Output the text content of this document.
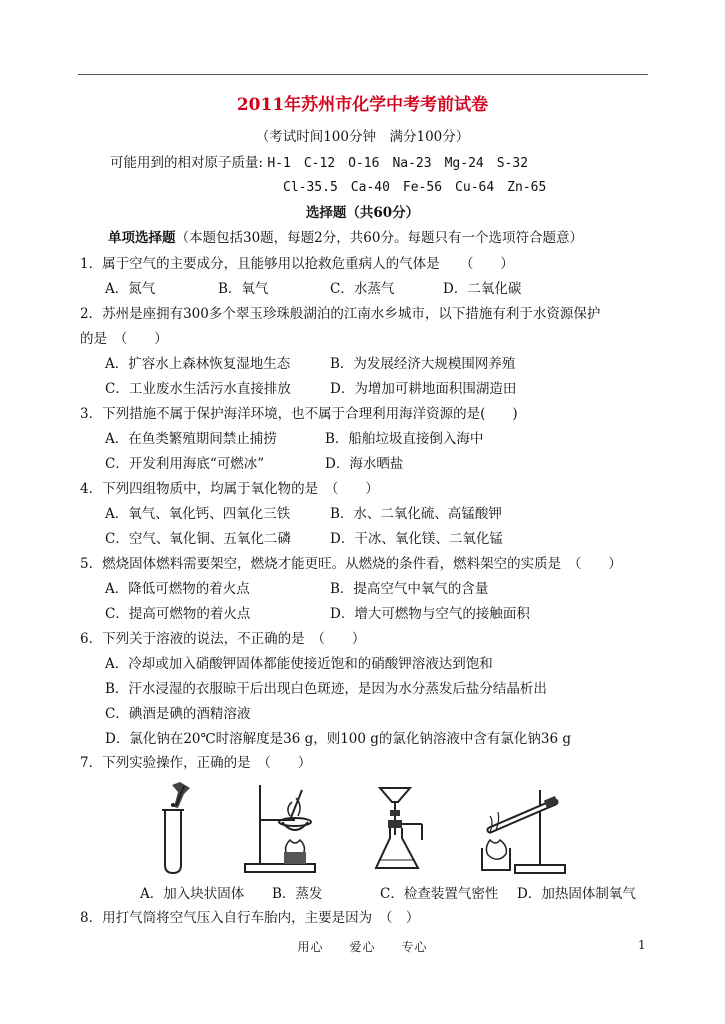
2011年苏州市化学中考考前试卷
（考试时间100分钟　满分100分）
可能用到的相对原子质量: H-1　C-12　O-16　Na-23　Mg-24　S-32
Cl-35.5　Ca-40　Fe-56　Cu-64　Zn-65
选择题（共60分）
单项选择题（本题包括30题，每题2分，共60分。每题只有一个选项符合题意）
1．属于空气的主要成分，且能够用以抢救危重病人的气体是　　（　　）
A．氮气	B．氧气	C．水蒸气	D．二氧化碳
2．苏州是座拥有300多个翠玉珍珠般湖泊的江南水乡城市，以下措施有利于水资源保护
的是　（　　）
A．扩容水上森林恢复湿地生态	B．为发展经济大规模围网养殖
C．工业废水生活污水直接排放	D．为增加可耕地面积围湖造田
3．下列措施不属于保护海洋环境，也不属于合理利用海洋资源的是(　　)
A．在鱼类繁殖期间禁止捕捞	B．船舶垃圾直接倒入海中
C．开发利用海底“可燃冰”	D．海水晒盐
4．下列四组物质中，均属于氧化物的是　（　　）
A．氧气、氧化钙、四氧化三铁	B．水、二氧化硫、高锰酸钾
C．空气、氧化铜、五氧化二磷	D．干冰、氧化镁、二氧化锰
5．燃烧固体燃料需要架空，燃烧才能更旺。从燃烧的条件看，燃料架空的实质是　（　　）
A．降低可燃物的着火点	B．提高空气中氧气的含量
C．提高可燃物的着火点	D．增大可燃物与空气的接触面积
6．下列关于溶液的说法，不正确的是　（　　）
A．冷却或加入硝酸钾固体都能使接近饱和的硝酸钾溶液达到饱和
B．汗水浸湿的衣服晾干后出现白色斑迹，是因为水分蒸发后盐分结晶析出
C．碘酒是碘的酒精溶液
D．氯化钠在20℃时溶解度是36 g，则100 g的氯化钠溶液中含有氯化钠36 g
7．下列实验操作，正确的是　（　　）
A．加入块状固体 B．蒸发	C．检查装置气密性 D．加热固体制氧气
8．用打气筒将空气压入自行车胎内，主要是因为　（　）
用心　　爱心　　专心	1
